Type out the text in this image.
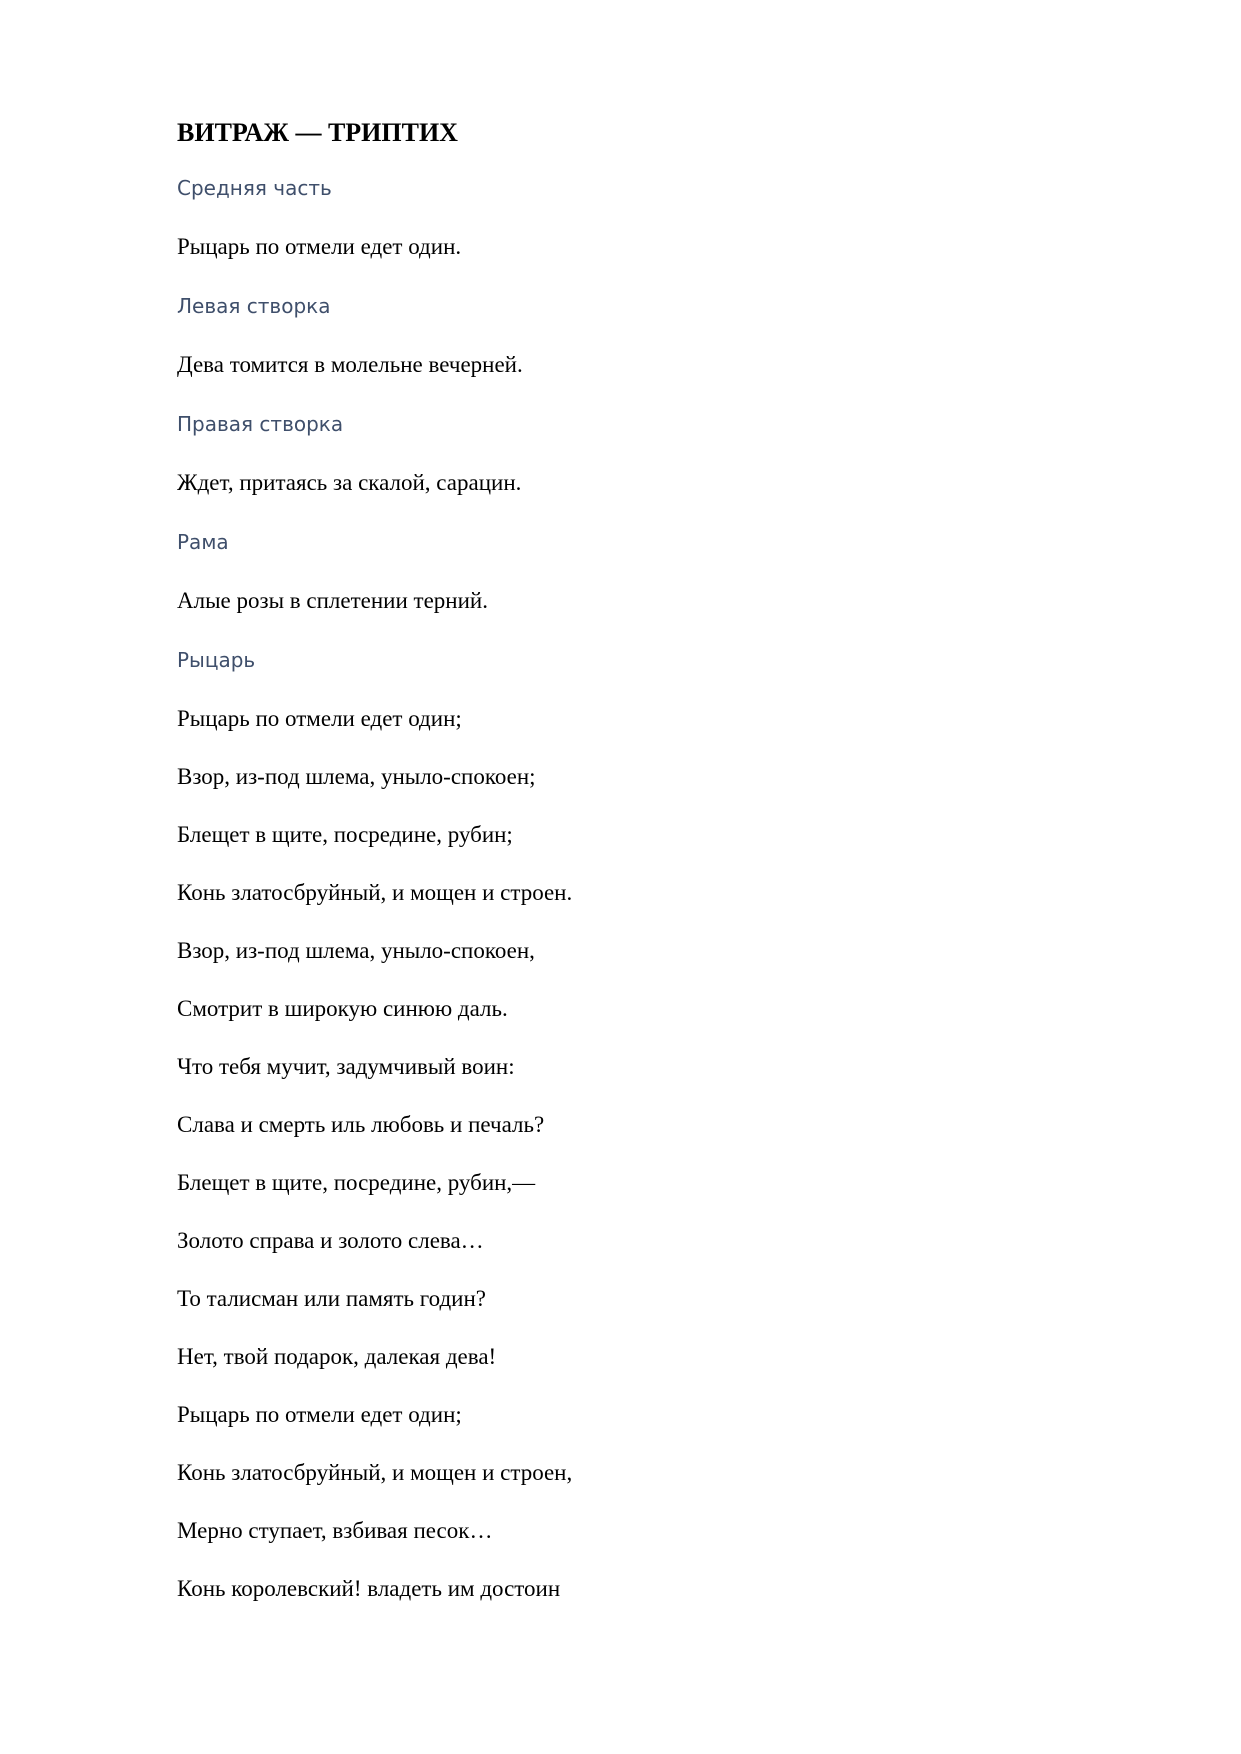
ВИТРАЖ — ТРИПТИХ
Средняя часть
Рыцарь по отмели едет один.
Левая створка
Дева томится в молельне вечерней.
Правая створка
Ждет, притаясь за скалой, сарацин.
Рама
Алые розы в сплетении терний.
Рыцарь
Рыцарь по отмели едет один;
Взор, из-под шлема, уныло-спокоен;
Блещет в щите, посредине, рубин;
Конь златосбруйный, и мощен и строен.
Взор, из-под шлема, уныло-спокоен,
Смотрит в широкую синюю даль.
Что тебя мучит, задумчивый воин:
Слава и смерть иль любовь и печаль?
Блещет в щите, посредине, рубин,—
Золото справа и золото слева…
То талисман или память годин?
Нет, твой подарок, далекая дева!
Рыцарь по отмели едет один;
Конь златосбруйный, и мощен и строен,
Мерно ступает, взбивая песок…
Конь королевский! владеть им достоин
